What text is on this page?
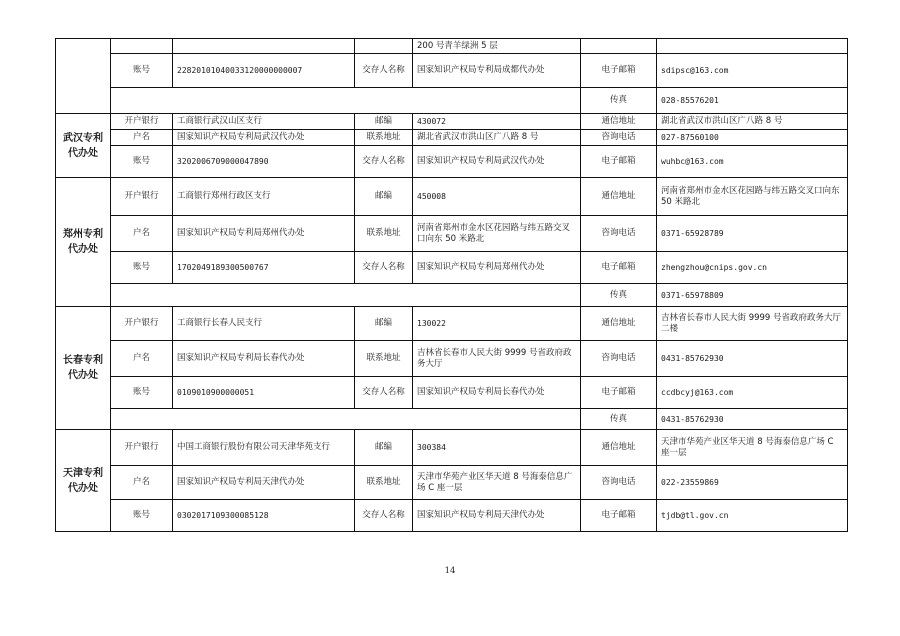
				200 号青羊绿洲 5 层		
	账号	22820101040033120000000007	交存人名称	国家知识产权局专利局成都代办处	电子邮箱	sdipsc@163.com
					传真	028-85576201
武汉专利代办处	开户银行	工商银行武汉山区支行	邮编	430072	通信地址	湖北省武汉市洪山区广八路 8 号
	户名	国家知识产权局专利局武汉代办处	联系地址	湖北省武汉市洪山区广八路 8 号	咨询电话	027-87560100
	账号	3202006709000047890	交存人名称	国家知识产权局专利局武汉代办处	电子邮箱	wuhbc@163.com
郑州专利代办处	开户银行	工商银行郑州行政区支行	邮编	450008	通信地址	河南省郑州市金水区花园路与纬五路交叉口向东 50 米路北
	户名	国家知识产权局专利局郑州代办处	联系地址	河南省郑州市金水区花园路与纬五路交叉口向东 50 米路北	咨询电话	0371-65928789
	账号	1702049189300500767	交存人名称	国家知识产权局专利局郑州代办处	电子邮箱	zhengzhou@cnips.gov.cn
					传真	0371-65978809
长春专利代办处	开户银行	工商银行长春人民支行	邮编	130022	通信地址	吉林省长春市人民大街 9999 号省政府政务大厅二楼
	户名	国家知识产权局专利局长春代办处	联系地址	吉林省长春市人民大街 9999 号省政府政务大厅	咨询电话	0431-85762930
	账号	0109010900000051	交存人名称	国家知识产权局专利局长春代办处	电子邮箱	ccdbcyj@163.com
					传真	0431-85762930
天津专利代办处	开户银行	中国工商银行股份有限公司天津华苑支行	邮编	300384	通信地址	天津市华苑产业区华天道 8 号海泰信息广场 C 座一层
	户名	国家知识产权局专利局天津代办处	联系地址	天津市华苑产业区华天道 8 号海泰信息广场 C 座一层	咨询电话	022-23559869
	账号	0302017109300085128	交存人名称	国家知识产权局专利局天津代办处	电子邮箱	tjdb@tl.gov.cn
14
